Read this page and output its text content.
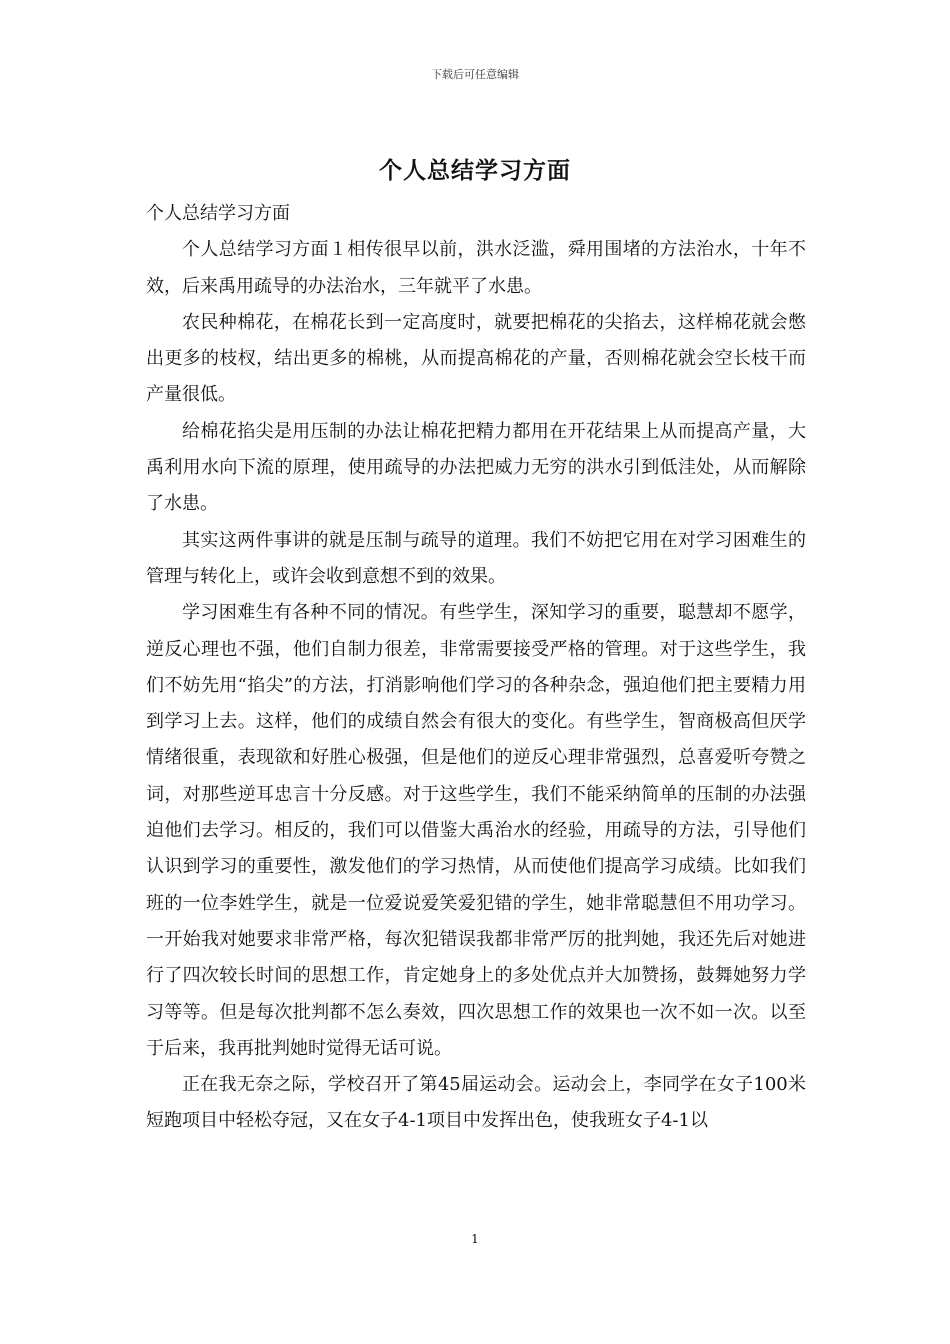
下载后可任意编辑
个人总结学习方面

个人总结学习方面

个人总结学习方面１相传很早以前，洪水泛滥，舜用围堵的方法治水，十年不效，后来禹用疏导的办法治水，三年就平了水患。

农民种棉花，在棉花长到一定高度时，就要把棉花的尖掐去，这样棉花就会憋出更多的枝杈，结出更多的棉桃，从而提高棉花的产量，否则棉花就会空长枝干而产量很低。

给棉花掐尖是用压制的办法让棉花把精力都用在开花结果上从而提高产量，大禹利用水向下流的原理，使用疏导的办法把威力无穷的洪水引到低洼处，从而解除了水患。

其实这两件事讲的就是压制与疏导的道理。我们不妨把它用在对学习困难生的管理与转化上，或许会收到意想不到的效果。

学习困难生有各种不同的情况。有些学生，深知学习的重要，聪慧却不愿学，逆反心理也不强，他们自制力很差，非常需要接受严格的管理。对于这些学生，我们不妨先用“掐尖”的方法，打消影响他们学习的各种杂念，强迫他们把主要精力用到学习上去。这样，他们的成绩自然会有很大的变化。有些学生，智商极高但厌学情绪很重，表现欲和好胜心极强，但是他们的逆反心理非常强烈，总喜爱听夸赞之词，对那些逆耳忠言十分反感。对于这些学生，我们不能采纳简单的压制的办法强迫他们去学习。相反的，我们可以借鉴大禹治水的经验，用疏导的方法，引导他们认识到学习的重要性，激发他们的学习热情，从而使他们提高学习成绩。比如我们班的一位李姓学生，就是一位爱说爱笑爱犯错的学生，她非常聪慧但不用功学习。一开始我对她要求非常严格，每次犯错误我都非常严厉的批判她，我还先后对她进行了四次较长时间的思想工作，肯定她身上的多处优点并大加赞扬，鼓舞她努力学习等等。但是每次批判都不怎么奏效，四次思想工作的效果也一次不如一次。以至于后来，我再批判她时觉得无话可说。

正在我无奈之际，学校召开了第45届运动会。运动会上，李同学在女子100米短跑项目中轻松夺冠，又在女子4-1项目中发挥出色，使我班女子4-1以

1
